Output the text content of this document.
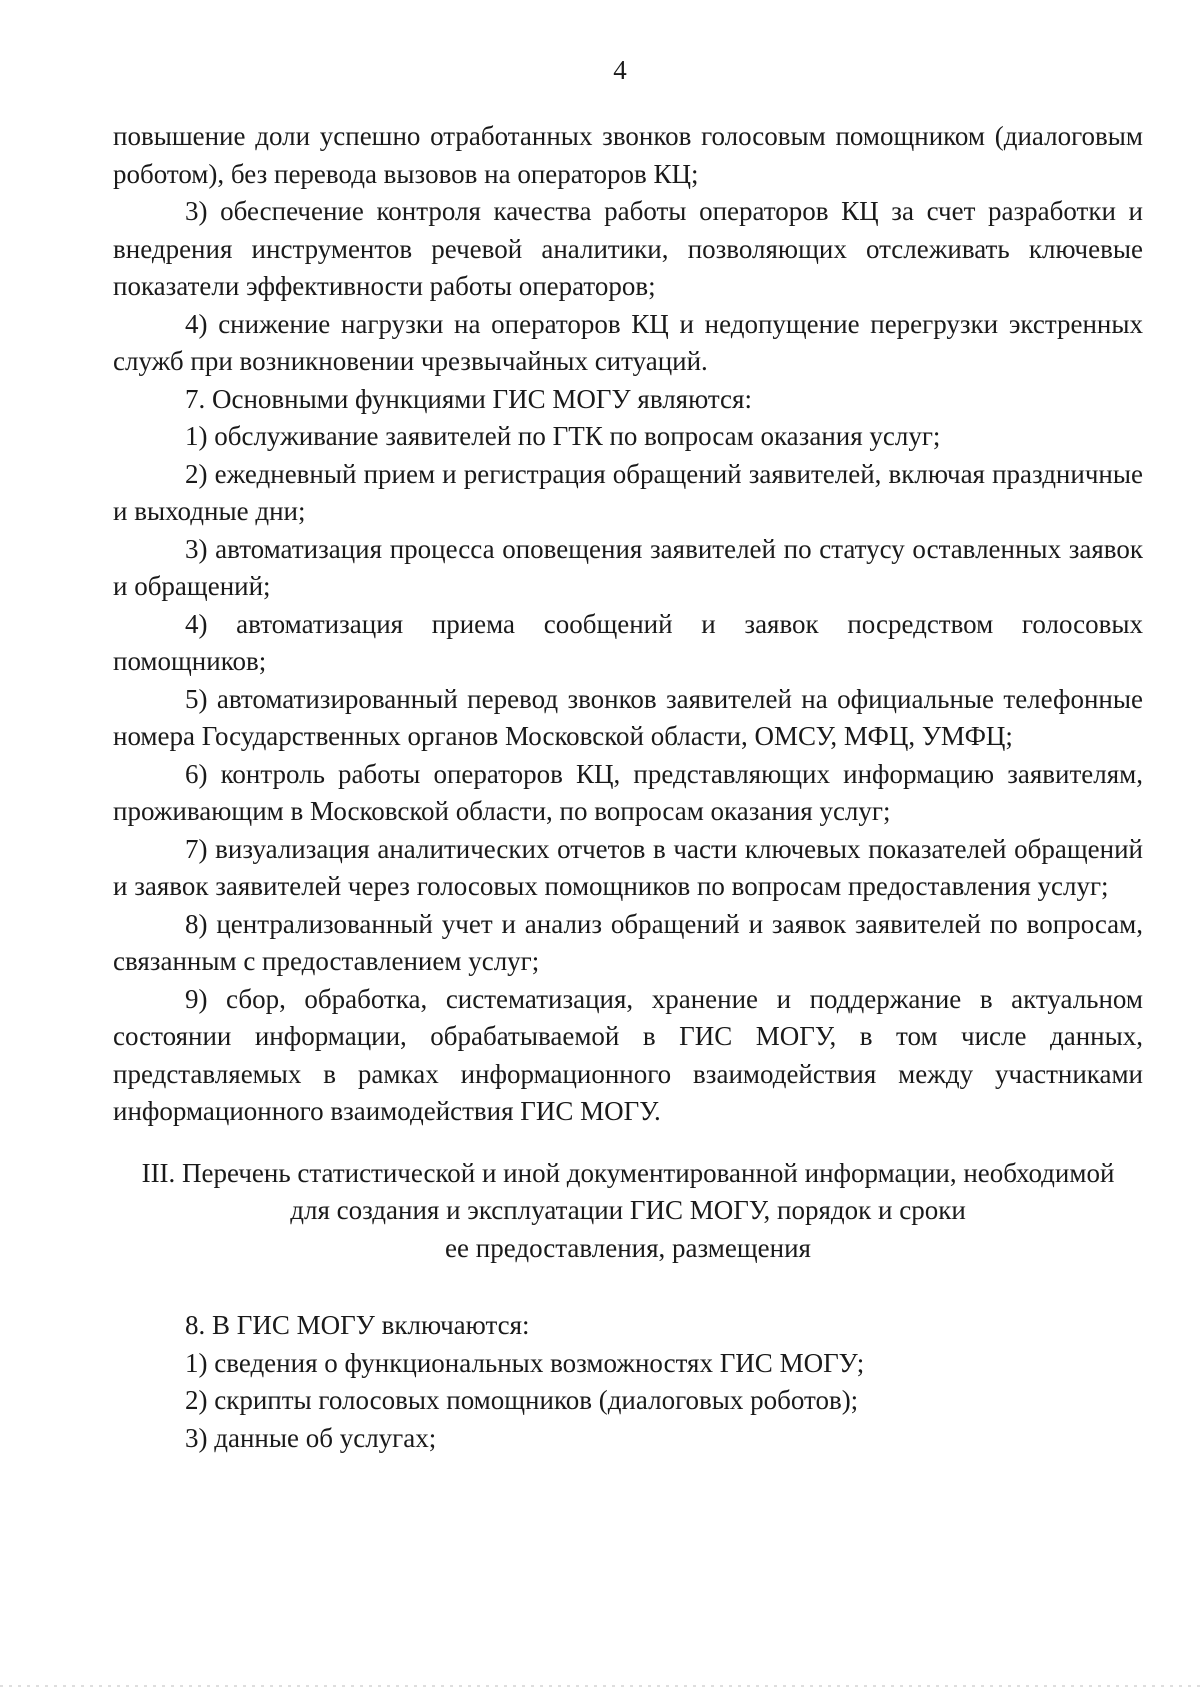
4

повышение доли успешно отработанных звонков голосовым помощником (диалоговым роботом), без перевода вызовов на операторов КЦ;

3) обеспечение контроля качества работы операторов КЦ за счет разработки и внедрения инструментов речевой аналитики, позволяющих отслеживать ключевые показатели эффективности работы операторов;

4) снижение нагрузки на операторов КЦ и недопущение перегрузки экстренных служб при возникновении чрезвычайных ситуаций.

7. Основными функциями ГИС МОГУ являются:

1) обслуживание заявителей по ГТК по вопросам оказания услуг;

2) ежедневный прием и регистрация обращений заявителей, включая праздничные и выходные дни;

3) автоматизация процесса оповещения заявителей по статусу оставленных заявок и обращений;

4) автоматизация приема сообщений и заявок посредством голосовых помощников;

5) автоматизированный перевод звонков заявителей на официальные телефонные номера Государственных органов Московской области, ОМСУ, МФЦ, УМФЦ;

6) контроль работы операторов КЦ, представляющих информацию заявителям, проживающим в Московской области, по вопросам оказания услуг;

7) визуализация аналитических отчетов в части ключевых показателей обращений и заявок заявителей через голосовых помощников по вопросам предоставления услуг;

8) централизованный учет и анализ обращений и заявок заявителей по вопросам, связанным с предоставлением услуг;

9) сбор, обработка, систематизация, хранение и поддержание в актуальном состоянии информации, обрабатываемой в ГИС МОГУ, в том числе данных, представляемых в рамках информационного взаимодействия между участниками информационного взаимодействия ГИС МОГУ.

III. Перечень статистической и иной документированной информации, необходимой
для создания и эксплуатации ГИС МОГУ, порядок и сроки
ее предоставления, размещения

8. В ГИС МОГУ включаются:

1) сведения о функциональных возможностях ГИС МОГУ;

2) скрипты голосовых помощников (диалоговых роботов);

3) данные об услугах;
